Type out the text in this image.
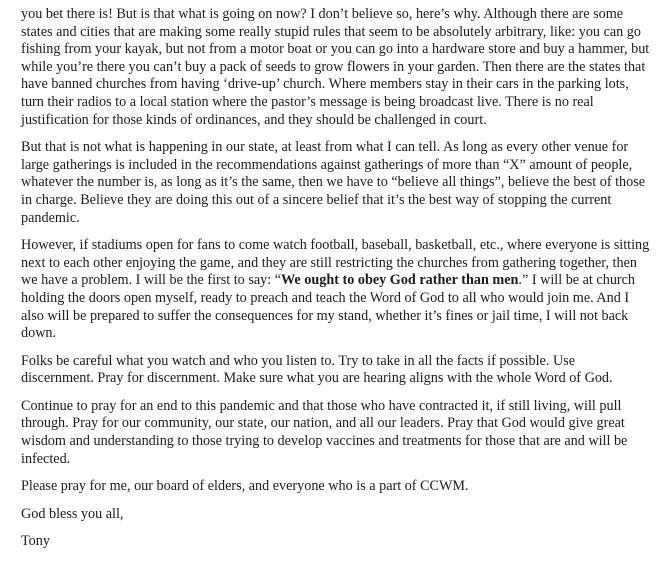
you bet there is! But is that what is going on now? I don’t believe so, here’s why. Although there are some states and cities that are making some really stupid rules that seem to be absolutely arbitrary, like: you can go fishing from your kayak, but not from a motor boat or you can go into a hardware store and buy a hammer, but while you’re there you can’t buy a pack of seeds to grow flowers in your garden. Then there are the states that have banned churches from having ‘drive-up’ church. Where members stay in their cars in the parking lots, turn their radios to a local station where the pastor’s message is being broadcast live. There is no real justification for those kinds of ordinances, and they should be challenged in court.

But that is not what is happening in our state, at least from what I can tell. As long as every other venue for large gatherings is included in the recommendations against gatherings of more than “X” amount of people, whatever the number is, as long as it’s the same, then we have to “believe all things”, believe the best of those in charge. Believe they are doing this out of a sincere belief that it’s the best way of stopping the current pandemic.

However, if stadiums open for fans to come watch football, baseball, basketball, etc., where everyone is sitting next to each other enjoying the game, and they are still restricting the churches from gathering together, then we have a problem. I will be the first to say: “We ought to obey God rather than men.” I will be at church holding the doors open myself, ready to preach and teach the Word of God to all who would join me. And I also will be prepared to suffer the consequences for my stand, whether it’s fines or jail time, I will not back down.

Folks be careful what you watch and who you listen to. Try to take in all the facts if possible. Use discernment. Pray for discernment. Make sure what you are hearing aligns with the whole Word of God.

Continue to pray for an end to this pandemic and that those who have contracted it, if still living, will pull through. Pray for our community, our state, our nation, and all our leaders. Pray that God would give great wisdom and understanding to those trying to develop vaccines and treatments for those that are and will be infected.

Please pray for me, our board of elders, and everyone who is a part of CCWM.

God bless you all,

Tony
